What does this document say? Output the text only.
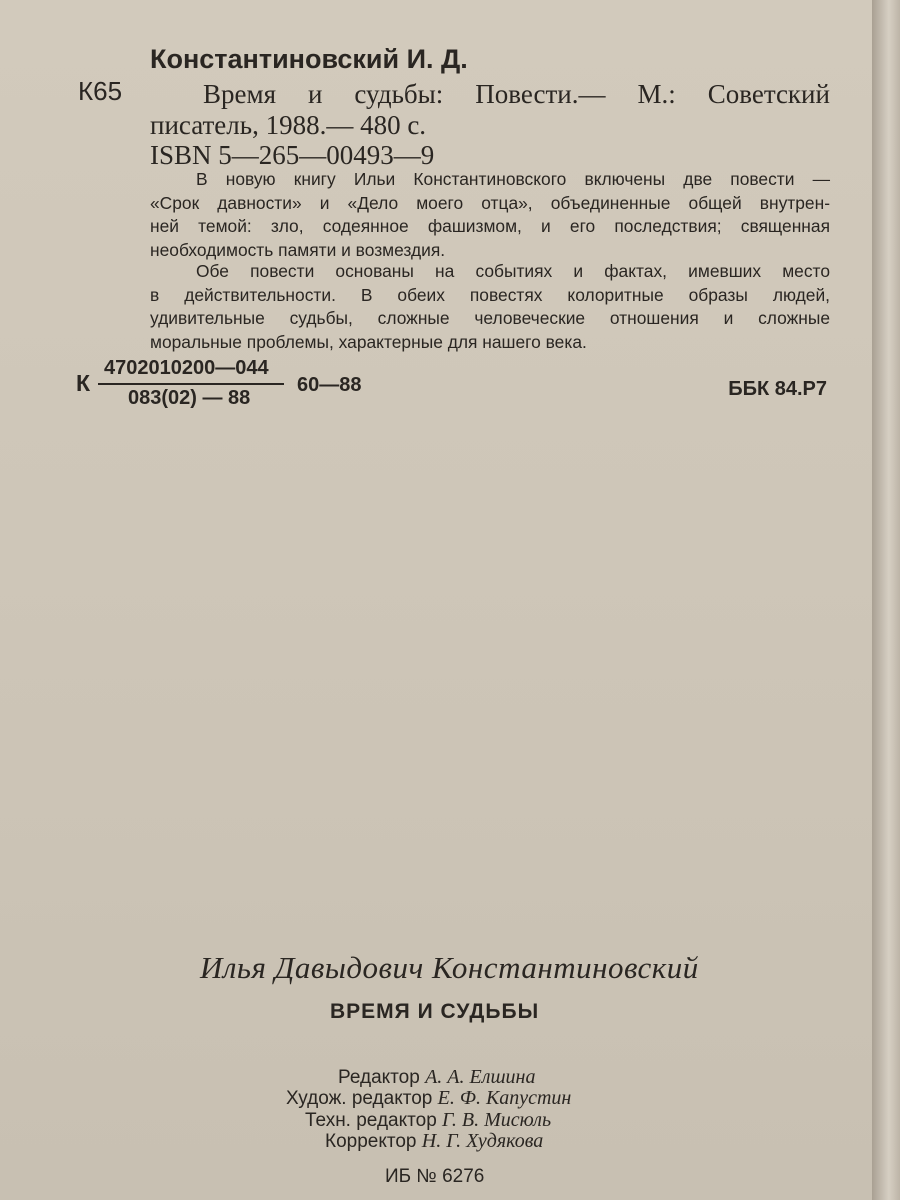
Константиновский И. Д.
К65	Время и судьбы: Повести.— М.: Советский
писатель, 1988.— 480 с.
ISBN 5—265—00493—9
В новую книгу Ильи Константиновского включены две повести —
«Срок давности» и «Дело моего отца», объединенные общей внутрен-
ней темой: зло, содеянное фашизмом, и его последствия; священная
необходимость памяти и возмездия.
Обе повести основаны на событиях и фактах, имевших место
в действительности. В обеих повестях колоритные образы людей,
удивительные судьбы, сложные человеческие отношения и сложные
моральные проблемы, характерные для нашего века.
К
4702010200—044
083(02) — 88
60—88	ББК 84.Р7
Илья Давыдович Константиновский
ВРЕМЯ И СУДЬБЫ
Редактор А. А. Елшина
Худож. редактор Е. Ф. Капустин
Техн. редактор Г. В. Мисюль
Корректор Н. Г. Худякова
ИБ № 6276
